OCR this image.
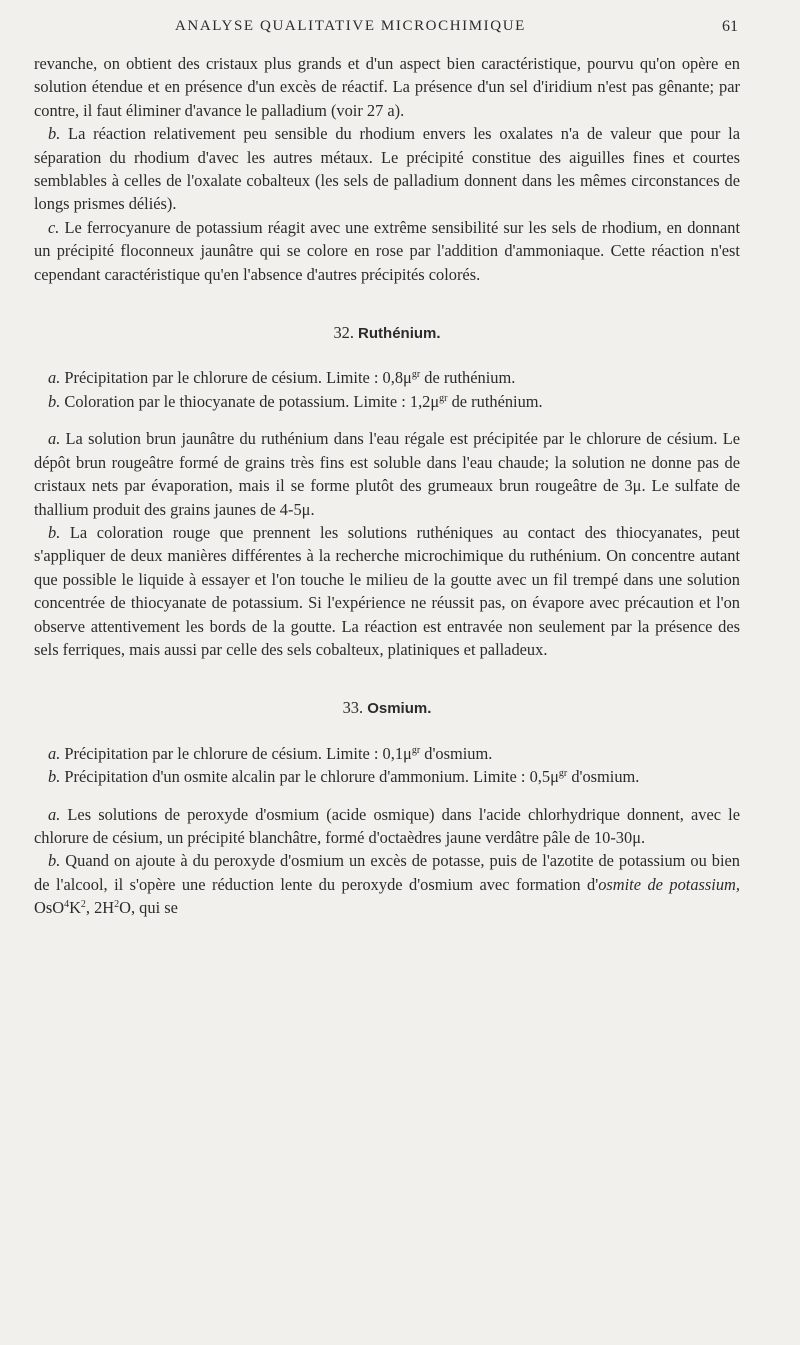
ANALYSE QUALITATIVE MICROCHIMIQUE	61

revanche, on obtient des cristaux plus grands et d'un aspect bien caractéristique, pourvu qu'on opère en solution étendue et en présence d'un excès de réactif. La présence d'un sel d'iridium n'est pas gênante; par contre, il faut éliminer d'avance le palladium (voir 27 a).

b. La réaction relativement peu sensible du rhodium envers les oxalates n'a de valeur que pour la séparation du rhodium d'avec les autres métaux. Le précipité constitue des aiguilles fines et courtes semblables à celles de l'oxalate cobalteux (les sels de palladium donnent dans les mêmes circonstances de longs prismes déliés).

c. Le ferrocyanure de potassium réagit avec une extrême sensibilité sur les sels de rhodium, en donnant un précipité floconneux jaunâtre qui se colore en rose par l'addition d'ammoniaque. Cette réaction n'est cependant caractéristique qu'en l'absence d'autres précipités colorés.

32. Ruthénium.
a. Précipitation par le chlorure de césium. Limite : $0,8\mu^{gr}$ de ruthénium.
b. Coloration par le thiocyanate de potassium. Limite : $1,2\mu^{gr}$ de ruthénium.

a. La solution brun jaunâtre du ruthénium dans l'eau régale est précipitée par le chlorure de césium. Le dépôt brun rougeâtre formé de grains très fins est soluble dans l'eau chaude; la solution ne donne pas de cristaux nets par évaporation, mais il se forme plutôt des grumeaux brun rougeâtre de 3μ. Le sulfate de thallium produit des grains jaunes de 4-5μ.

b. La coloration rouge que prennent les solutions ruthéniques au contact des thiocyanates, peut s'appliquer de deux manières différentes à la recherche microchimique du ruthénium. On concentre autant que possible le liquide à essayer et l'on touche le milieu de la goutte avec un fil trempé dans une solution concentrée de thiocyanate de potassium. Si l'expérience ne réussit pas, on évapore avec précaution et l'on observe attentivement les bords de la goutte. La réaction est entravée non seulement par la présence des sels ferriques, mais aussi par celle des sels cobalteux, platiniques et palladeux.

33. Osmium.
a. Précipitation par le chlorure de césium. Limite : $0,1\mu^{gr}$ d'osmium.
b. Précipitation d'un osmite alcalin par le chlorure d'ammonium. Limite : $0,5\mu^{gr}$ d'osmium.

a. Les solutions de peroxyde d'osmium (acide osmique) dans l'acide chlorhydrique donnent, avec le chlorure de césium, un précipité blanchâtre, formé d'octaèdres jaune verdâtre pâle de 10-30μ.

b. Quand on ajoute à du peroxyde d'osmium un excès de potasse, puis de l'azotite de potassium ou bien de l'alcool, il s'opère une réduction lente du peroxyde d'osmium avec formation d'osmite de potassium, $OsO^4K^2$, $2H^2O$, qui se
